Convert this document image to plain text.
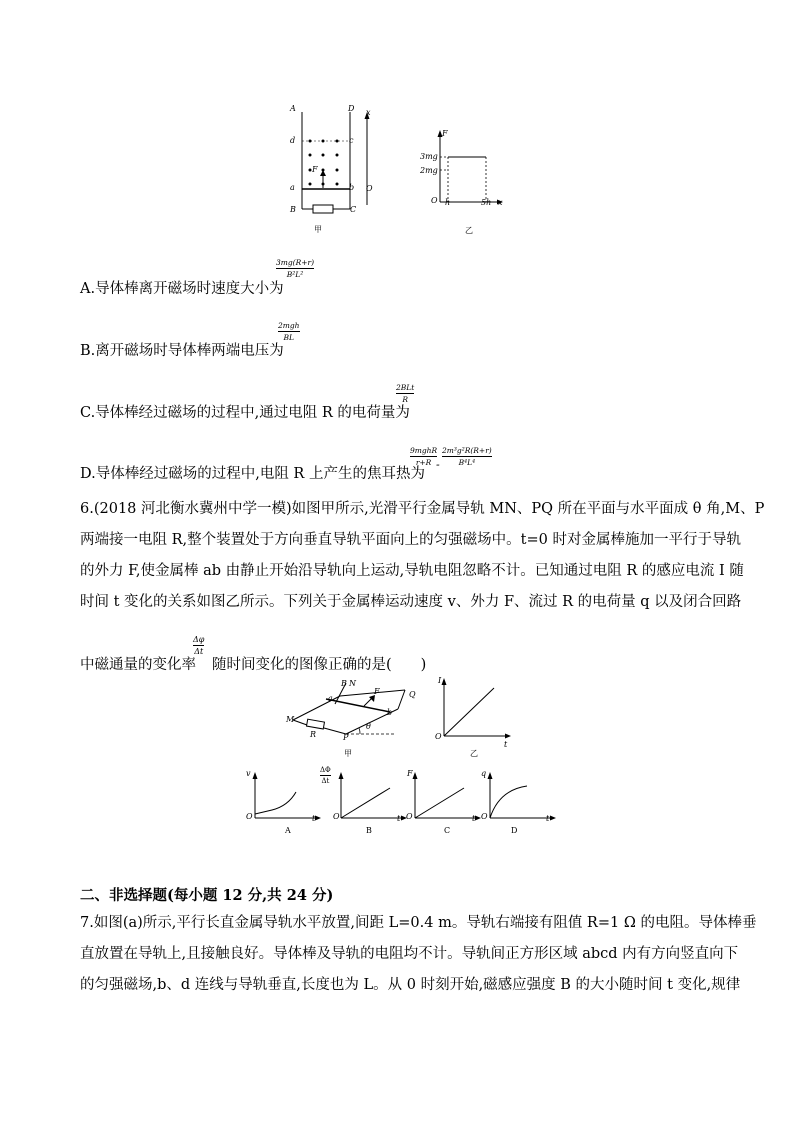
A
d
F
a
B
D
c
b
C
x
O
甲
F
3mg
2mg
O h	5h x
乙
A.导体棒离开磁场时速度大小为
3mg(R+r)
B²L²
B.离开磁场时导体棒两端电压为
2mgh
BL
C.导体棒经过磁场的过程中,通过电阻 R 的电荷量为
2BLt
R
D.导体棒经过磁场的过程中,电阻 R 上产生的焦耳热为
9mghR
r+R -
2m³g²R(R+r)
B⁴L⁴
6.(2018 河北衡水冀州中学一模)如图甲所示,光滑平行金属导轨 MN、PQ 所在平面与水平面成 θ 角,M、P
两端接一电阻 R,整个装置处于方向垂直导轨平面向上的匀强磁场中。t=0 时对金属棒施加一平行于导轨
的外力 F,使金属棒 ab 由静止开始沿导轨向上运动,导轨电阻忽略不计。已知通过电阻 R 的感应电流 I 随
时间 t 变化的关系如图乙所示。下列关于金属棒运动速度 v、外力 F、流过 R 的电荷量 q 以及闭合回路
中磁通量的变化率
Δφ
Δt
随时间变化的图像正确的是(　　)
B N
a
F	Q
M
b
θ
R	P
甲
I
O
t
乙
v
O	t
A
ΔΦ
Δt
O	t
B
F
O	t
C
q
O	t
D
二、非选择题(每小题 12 分,共 24 分)
7.如图(a)所示,平行长直金属导轨水平放置,间距 L=0.4 m。导轨右端接有阻值 R=1 Ω 的电阻。导体棒垂
直放置在导轨上,且接触良好。导体棒及导轨的电阻均不计。导轨间正方形区域 abcd 内有方向竖直向下
的匀强磁场,b、d 连线与导轨垂直,长度也为 L。从 0 时刻开始,磁感应强度 B 的大小随时间 t 变化,规律
